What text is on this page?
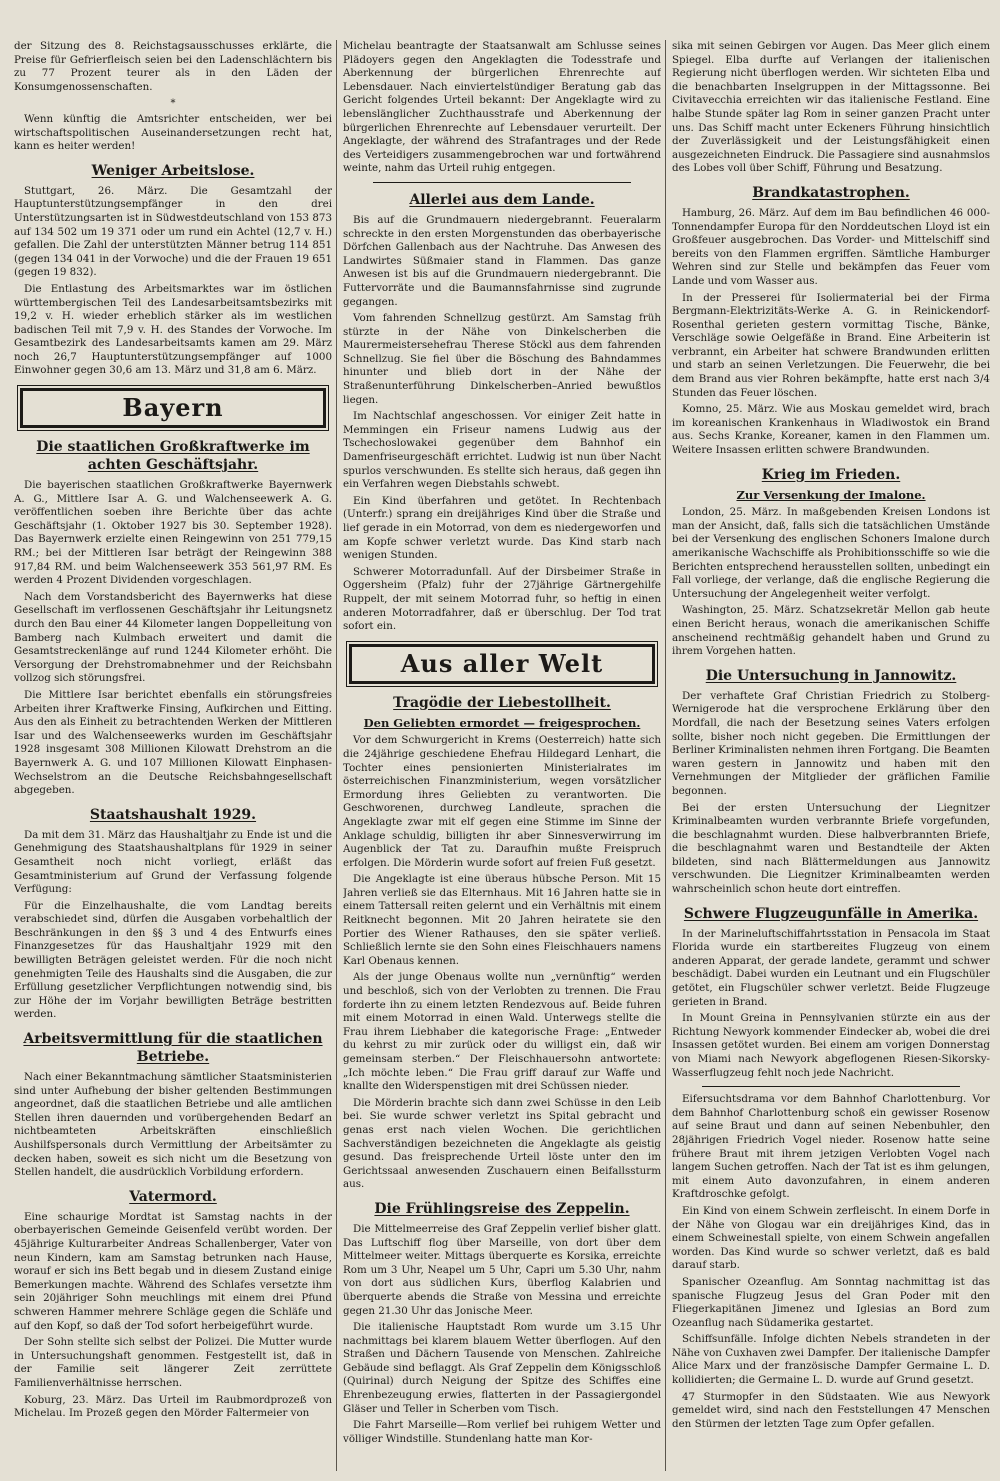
der Sitzung des 8. Reichstagsausschusses erklärte, die Preise für Gefrierfleisch seien bei den Ladenschlächtern bis zu 77 Prozent teurer als in den Läden der Konsumgenossenschaften.

*

Wenn künftig die Amtsrichter entscheiden, wer bei wirtschaftspolitischen Auseinandersetzungen recht hat, kann es heiter werden!

Weniger Arbeitslose.

Stuttgart, 26. März. Die Gesamtzahl der Hauptunterstützungsempfänger in den drei Unterstützungsarten ist in Südwestdeutschland von 153 873 auf 134 502 um 19 371 oder um rund ein Achtel (12,7 v. H.) gefallen. Die Zahl der unterstützten Männer betrug 114 851 (gegen 134 041 in der Vorwoche) und die der Frauen 19 651 (gegen 19 832).

Die Entlastung des Arbeitsmarktes war im östlichen württembergischen Teil des Landesarbeitsamtsbezirks mit 19,2 v. H. wieder erheblich stärker als im westlichen badischen Teil mit 7,9 v. H. des Standes der Vorwoche. Im Gesamtbezirk des Landesarbeitsamts kamen am 29. März noch 26,7 Hauptunterstützungsempfänger auf 1000 Einwohner gegen 30,6 am 13. März und 31,8 am 6. März.

Bayern
Die staatlichen Großkraftwerke im achten Geschäftsjahr.

Die bayerischen staatlichen Großkraftwerke Bayernwerk A. G., Mittlere Isar A. G. und Walchenseewerk A. G. veröffentlichen soeben ihre Berichte über das achte Geschäftsjahr (1. Oktober 1927 bis 30. September 1928). Das Bayernwerk erzielte einen Reingewinn von 251 779,15 RM.; bei der Mittleren Isar beträgt der Reingewinn 388 917,84 RM. und beim Walchenseewerk 353 561,97 RM. Es werden 4 Prozent Dividenden vorgeschlagen.

Nach dem Vorstandsbericht des Bayernwerks hat diese Gesellschaft im verflossenen Geschäftsjahr ihr Leitungsnetz durch den Bau einer 44 Kilometer langen Doppelleitung von Bamberg nach Kulmbach erweitert und damit die Gesamtstreckenlänge auf rund 1244 Kilometer erhöht. Die Versorgung der Drehstromabnehmer und der Reichsbahn vollzog sich störungsfrei.

Die Mittlere Isar berichtet ebenfalls ein störungsfreies Arbeiten ihrer Kraftwerke Finsing, Aufkirchen und Eitting. Aus den als Einheit zu betrachtenden Werken der Mittleren Isar und des Walchenseewerks wurden im Geschäftsjahr 1928 insgesamt 308 Millionen Kilowatt Drehstrom an die Bayernwerk A. G. und 107 Millionen Kilowatt Einphasen-Wechselstrom an die Deutsche Reichsbahngesellschaft abgegeben.

Staatshaushalt 1929.

Da mit dem 31. März das Haushaltjahr zu Ende ist und die Genehmigung des Staatshaushaltplans für 1929 in seiner Gesamtheit noch nicht vorliegt, erläßt das Gesamtministerium auf Grund der Verfassung folgende Verfügung:

Für die Einzelhaushalte, die vom Landtag bereits verabschiedet sind, dürfen die Ausgaben vorbehaltlich der Beschränkungen in den §§ 3 und 4 des Entwurfs eines Finanzgesetzes für das Haushaltjahr 1929 mit den bewilligten Beträgen geleistet werden. Für die noch nicht genehmigten Teile des Haushalts sind die Ausgaben, die zur Erfüllung gesetzlicher Verpflichtungen notwendig sind, bis zur Höhe der im Vorjahr bewilligten Beträge bestritten werden.

Arbeitsvermittlung für die staatlichen Betriebe.

Nach einer Bekanntmachung sämtlicher Staatsministerien sind unter Aufhebung der bisher geltenden Bestimmungen angeordnet, daß die staatlichen Betriebe und alle amtlichen Stellen ihren dauernden und vorübergehenden Bedarf an nichtbeamteten Arbeitskräften einschließlich Aushilfspersonals durch Vermittlung der Arbeitsämter zu decken haben, soweit es sich nicht um die Besetzung von Stellen handelt, die ausdrücklich Vorbildung erfordern.

Vatermord.

Eine schaurige Mordtat ist Samstag nachts in der oberbayerischen Gemeinde Geisenfeld verübt worden. Der 45jährige Kulturarbeiter Andreas Schallenberger, Vater von neun Kindern, kam am Samstag betrunken nach Hause, worauf er sich ins Bett begab und in diesem Zustand einige Bemerkungen machte. Während des Schlafes versetzte ihm sein 20jähriger Sohn meuchlings mit einem drei Pfund schweren Hammer mehrere Schläge gegen die Schläfe und auf den Kopf, so daß der Tod sofort herbeigeführt wurde.

Der Sohn stellte sich selbst der Polizei. Die Mutter wurde in Untersuchungshaft genommen. Festgestellt ist, daß in der Familie seit längerer Zeit zerrüttete Familienverhältnisse herrschen.

Koburg, 23. März. Das Urteil im Raubmordprozeß von Michelau. Im Prozeß gegen den Mörder Faltermeier von

Michelau beantragte der Staatsanwalt am Schlusse seines Plädoyers gegen den Angeklagten die Todesstrafe und Aberkennung der bürgerlichen Ehrenrechte auf Lebensdauer. Nach einviertelstündiger Beratung gab das Gericht folgendes Urteil bekannt: Der Angeklagte wird zu lebenslänglicher Zuchthausstrafe und Aberkennung der bürgerlichen Ehrenrechte auf Lebensdauer verurteilt. Der Angeklagte, der während des Strafantrages und der Rede des Verteidigers zusammengebrochen war und fortwährend weinte, nahm das Urteil ruhig entgegen.

Allerlei aus dem Lande.

Bis auf die Grundmauern niedergebrannt. Feueralarm schreckte in den ersten Morgenstunden das oberbayerische Dörfchen Gallenbach aus der Nachtruhe. Das Anwesen des Landwirtes Süßmaier stand in Flammen. Das ganze Anwesen ist bis auf die Grundmauern niedergebrannt. Die Futtervorräte und die Baumannsfahrnisse sind zugrunde gegangen.

Vom fahrenden Schnellzug gestürzt. Am Samstag früh stürzte in der Nähe von Dinkelscherben die Maurermeistersehefrau Therese Stöckl aus dem fahrenden Schnellzug. Sie fiel über die Böschung des Bahndammes hinunter und blieb dort in der Nähe der Straßenunterführung Dinkelscherben–Anried bewußtlos liegen.

Im Nachtschlaf angeschossen. Vor einiger Zeit hatte in Memmingen ein Friseur namens Ludwig aus der Tschechoslowakei gegenüber dem Bahnhof ein Damenfriseurgeschäft errichtet. Ludwig ist nun über Nacht spurlos verschwunden. Es stellte sich heraus, daß gegen ihn ein Verfahren wegen Diebstahls schwebt.

Ein Kind überfahren und getötet. In Rechtenbach (Unterfr.) sprang ein dreijähriges Kind über die Straße und lief gerade in ein Motorrad, von dem es niedergeworfen und am Kopfe schwer verletzt wurde. Das Kind starb nach wenigen Stunden.

Schwerer Motorradunfall. Auf der Dirsbeimer Straße in Oggersheim (Pfalz) fuhr der 27jährige Gärtnergehilfe Ruppelt, der mit seinem Motorrad fuhr, so heftig in einen anderen Motorradfahrer, daß er überschlug. Der Tod trat sofort ein.

Aus aller Welt
Tragödie der Liebestollheit.
Den Geliebten ermordet — freigesprochen.

Vor dem Schwurgericht in Krems (Oesterreich) hatte sich die 24jährige geschiedene Ehefrau Hildegard Lenhart, die Tochter eines pensionierten Ministerialrates im österreichischen Finanzministerium, wegen vorsätzlicher Ermordung ihres Geliebten zu verantworten. Die Geschworenen, durchweg Landleute, sprachen die Angeklagte zwar mit elf gegen eine Stimme im Sinne der Anklage schuldig, billigten ihr aber Sinnesverwirrung im Augenblick der Tat zu. Daraufhin mußte Freispruch erfolgen. Die Mörderin wurde sofort auf freien Fuß gesetzt.

Die Angeklagte ist eine überaus hübsche Person. Mit 15 Jahren verließ sie das Elternhaus. Mit 16 Jahren hatte sie in einem Tattersall reiten gelernt und ein Verhältnis mit einem Reitknecht begonnen. Mit 20 Jahren heiratete sie den Portier des Wiener Rathauses, den sie später verließ. Schließlich lernte sie den Sohn eines Fleischhauers namens Karl Obenaus kennen.

Als der junge Obenaus wollte nun „vernünftig“ werden und beschloß, sich von der Verlobten zu trennen. Die Frau forderte ihn zu einem letzten Rendezvous auf. Beide fuhren mit einem Motorrad in einen Wald. Unterwegs stellte die Frau ihrem Liebhaber die kategorische Frage: „Entweder du kehrst zu mir zurück oder du willigst ein, daß wir gemeinsam sterben.“ Der Fleischhauersohn antwortete: „Ich möchte leben.“ Die Frau griff darauf zur Waffe und knallte den Widerspenstigen mit drei Schüssen nieder.

Die Mörderin brachte sich dann zwei Schüsse in den Leib bei. Sie wurde schwer verletzt ins Spital gebracht und genas erst nach vielen Wochen. Die gerichtlichen Sachverständigen bezeichneten die Angeklagte als geistig gesund. Das freisprechende Urteil löste unter den im Gerichtssaal anwesenden Zuschauern einen Beifallssturm aus.

Die Frühlingsreise des Zeppelin.

Die Mittelmeerreise des Graf Zeppelin verlief bisher glatt. Das Luftschiff flog über Marseille, von dort über dem Mittelmeer weiter. Mittags überquerte es Korsika, erreichte Rom um 3 Uhr, Neapel um 5 Uhr, Capri um 5.30 Uhr, nahm von dort aus südlichen Kurs, überflog Kalabrien und überquerte abends die Straße von Messina und erreichte gegen 21.30 Uhr das Jonische Meer.

Die italienische Hauptstadt Rom wurde um 3.15 Uhr nachmittags bei klarem blauem Wetter überflogen. Auf den Straßen und Dächern Tausende von Menschen. Zahlreiche Gebäude sind beflaggt. Als Graf Zeppelin dem Königsschloß (Quirinal) durch Neigung der Spitze des Schiffes eine Ehrenbezeugung erwies, flatterten in der Passagiergondel Gläser und Teller in Scherben vom Tisch.

Die Fahrt Marseille—Rom verlief bei ruhigem Wetter und völliger Windstille. Stundenlang hatte man Kor-

sika mit seinen Gebirgen vor Augen. Das Meer glich einem Spiegel. Elba durfte auf Verlangen der italienischen Regierung nicht überflogen werden. Wir sichteten Elba und die benachbarten Inselgruppen in der Mittagssonne. Bei Civitavecchia erreichten wir das italienische Festland. Eine halbe Stunde später lag Rom in seiner ganzen Pracht unter uns. Das Schiff macht unter Eckeners Führung hinsichtlich der Zuverlässigkeit und der Leistungsfähigkeit einen ausgezeichneten Eindruck. Die Passagiere sind ausnahmslos des Lobes voll über Schiff, Führung und Besatzung.

Brandkatastrophen.

Hamburg, 26. März. Auf dem im Bau befindlichen 46 000-Tonnendampfer Europa für den Norddeutschen Lloyd ist ein Großfeuer ausgebrochen. Das Vorder- und Mittelschiff sind bereits von den Flammen ergriffen. Sämtliche Hamburger Wehren sind zur Stelle und bekämpfen das Feuer vom Lande und vom Wasser aus.

In der Presserei für Isoliermaterial bei der Firma Bergmann-Elektrizitäts-Werke A. G. in Reinickendorf-Rosenthal gerieten gestern vormittag Tische, Bänke, Verschläge sowie Oelgefäße in Brand. Eine Arbeiterin ist verbrannt, ein Arbeiter hat schwere Brandwunden erlitten und starb an seinen Verletzungen. Die Feuerwehr, die bei dem Brand aus vier Rohren bekämpfte, hatte erst nach 3/4 Stunden das Feuer löschen.

Komno, 25. März. Wie aus Moskau gemeldet wird, brach im koreanischen Krankenhaus in Wladiwostok ein Brand aus. Sechs Kranke, Koreaner, kamen in den Flammen um. Weitere Insassen erlitten schwere Brandwunden.

Krieg im Frieden.
Zur Versenkung der Imalone.

London, 25. März. In maßgebenden Kreisen Londons ist man der Ansicht, daß, falls sich die tatsächlichen Umstände bei der Versenkung des englischen Schoners Imalone durch amerikanische Wachschiffe als Prohibitionsschiffe so wie die Berichten entsprechend herausstellen sollten, unbedingt ein Fall vorliege, der verlange, daß die englische Regierung die Untersuchung der Angelegenheit weiter verfolgt.

Washington, 25. März. Schatzsekretär Mellon gab heute einen Bericht heraus, wonach die amerikanischen Schiffe anscheinend rechtmäßig gehandelt haben und Grund zu ihrem Vorgehen hatten.

Die Untersuchung in Jannowitz.

Der verhaftete Graf Christian Friedrich zu Stolberg-Wernigerode hat die versprochene Erklärung über den Mordfall, die nach der Besetzung seines Vaters erfolgen sollte, bisher noch nicht gegeben. Die Ermittlungen der Berliner Kriminalisten nehmen ihren Fortgang. Die Beamten waren gestern in Jannowitz und haben mit den Vernehmungen der Mitglieder der gräflichen Familie begonnen.

Bei der ersten Untersuchung der Liegnitzer Kriminalbeamten wurden verbrannte Briefe vorgefunden, die beschlagnahmt wurden. Diese halbverbrannten Briefe, die beschlagnahmt waren und Bestandteile der Akten bildeten, sind nach Blättermeldungen aus Jannowitz verschwunden. Die Liegnitzer Kriminalbeamten werden wahrscheinlich schon heute dort eintreffen.

Schwere Flugzeugunfälle in Amerika.

In der Marineluftschiffahrtsstation in Pensacola im Staat Florida wurde ein startbereites Flugzeug von einem anderen Apparat, der gerade landete, gerammt und schwer beschädigt. Dabei wurden ein Leutnant und ein Flugschüler getötet, ein Flugschüler schwer verletzt. Beide Flugzeuge gerieten in Brand.

In Mount Greina in Pennsylvanien stürzte ein aus der Richtung Newyork kommender Eindecker ab, wobei die drei Insassen getötet wurden. Bei einem am vorigen Donnerstag von Miami nach Newyork abgeflogenen Riesen-Sikorsky-Wasserflugzeug fehlt noch jede Nachricht.

Eifersuchtsdrama vor dem Bahnhof Charlottenburg. Vor dem Bahnhof Charlottenburg schoß ein gewisser Rosenow auf seine Braut und dann auf seinen Nebenbuhler, den 28jährigen Friedrich Vogel nieder. Rosenow hatte seine frühere Braut mit ihrem jetzigen Verlobten Vogel nach langem Suchen getroffen. Nach der Tat ist es ihm gelungen, mit einem Auto davonzufahren, in einem anderen Kraftdroschke gefolgt.

Ein Kind von einem Schwein zerfleischt. In einem Dorfe in der Nähe von Glogau war ein dreijähriges Kind, das in einem Schweinestall spielte, von einem Schwein angefallen worden. Das Kind wurde so schwer verletzt, daß es bald darauf starb.

Spanischer Ozeanflug. Am Sonntag nachmittag ist das spanische Flugzeug Jesus del Gran Poder mit den Fliegerkapitänen Jimenez und Iglesias an Bord zum Ozeanflug nach Südamerika gestartet.

Schiffsunfälle. Infolge dichten Nebels strandeten in der Nähe von Cuxhaven zwei Dampfer. Der italienische Dampfer Alice Marx und der französische Dampfer Germaine L. D. kollidierten; die Germaine L. D. wurde auf Grund gesetzt.

47 Sturmopfer in den Südstaaten. Wie aus Newyork gemeldet wird, sind nach den Feststellungen 47 Menschen den Stürmen der letzten Tage zum Opfer gefallen.
